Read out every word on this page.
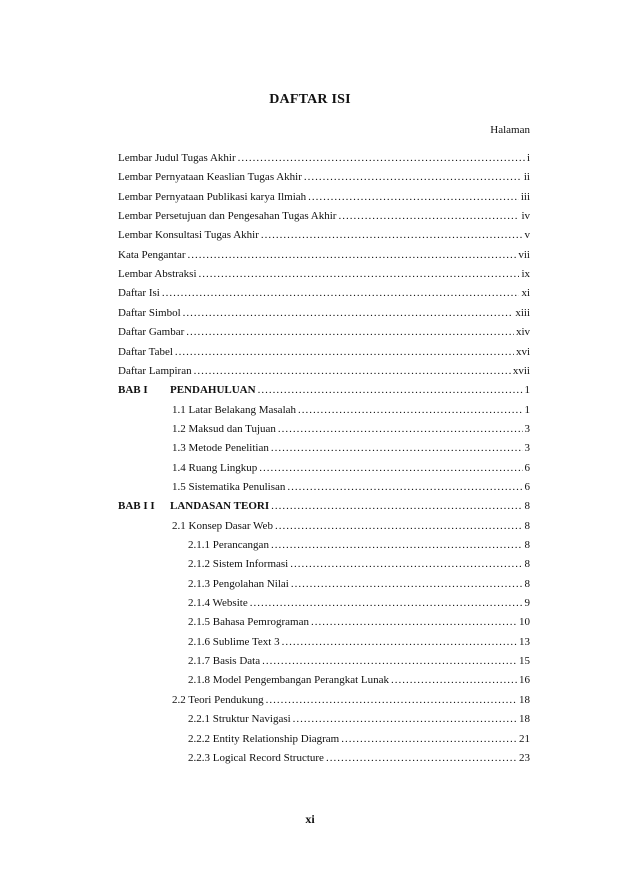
DAFTAR ISI
Halaman
Lembar Judul Tugas Akhir .....	i
Lembar Pernyataan Keaslian Tugas Akhir .....	ii
Lembar Pernyataan Publikasi karya Ilmiah .....	iii
Lembar Persetujuan dan Pengesahan Tugas Akhir .....	iv
Lembar Konsultasi Tugas Akhir .....	v
Kata Pengantar .....	vii
Lembar Abstraksi .....	ix
Daftar Isi .....	xi
Daftar Simbol .....	xiii
Daftar Gambar .....	xiv
Daftar Tabel .....	xvi
Daftar Lampiran .....	xvii
BAB I PENDAHULUAN .....	1
1.1 Latar Belakang Masalah .....	1
1.2 Maksud dan Tujuan .....	3
1.3 Metode Penelitian .....	3
1.4 Ruang Lingkup .....	6
1.5 Sistematika Penulisan .....	6
BAB I I LANDASAN TEORI .....	8
2.1 Konsep Dasar Web .....	8
2.1.1 Perancangan .....	8
2.1.2 Sistem Informasi .....	8
2.1.3 Pengolahan Nilai .....	8
2.1.4 Website .....	9
2.1.5 Bahasa Pemrograman .....	10
2.1.6 Sublime Text 3 .....	13
2.1.7 Basis Data .....	15
2.1.8 Model Pengembangan Perangkat Lunak .....	16
2.2 Teori Pendukung .....	18
2.2.1 Struktur Navigasi .....	18
2.2.2 Entity Relationship Diagram .....	21
2.2.3 Logical Record Structure .....	23
xi
